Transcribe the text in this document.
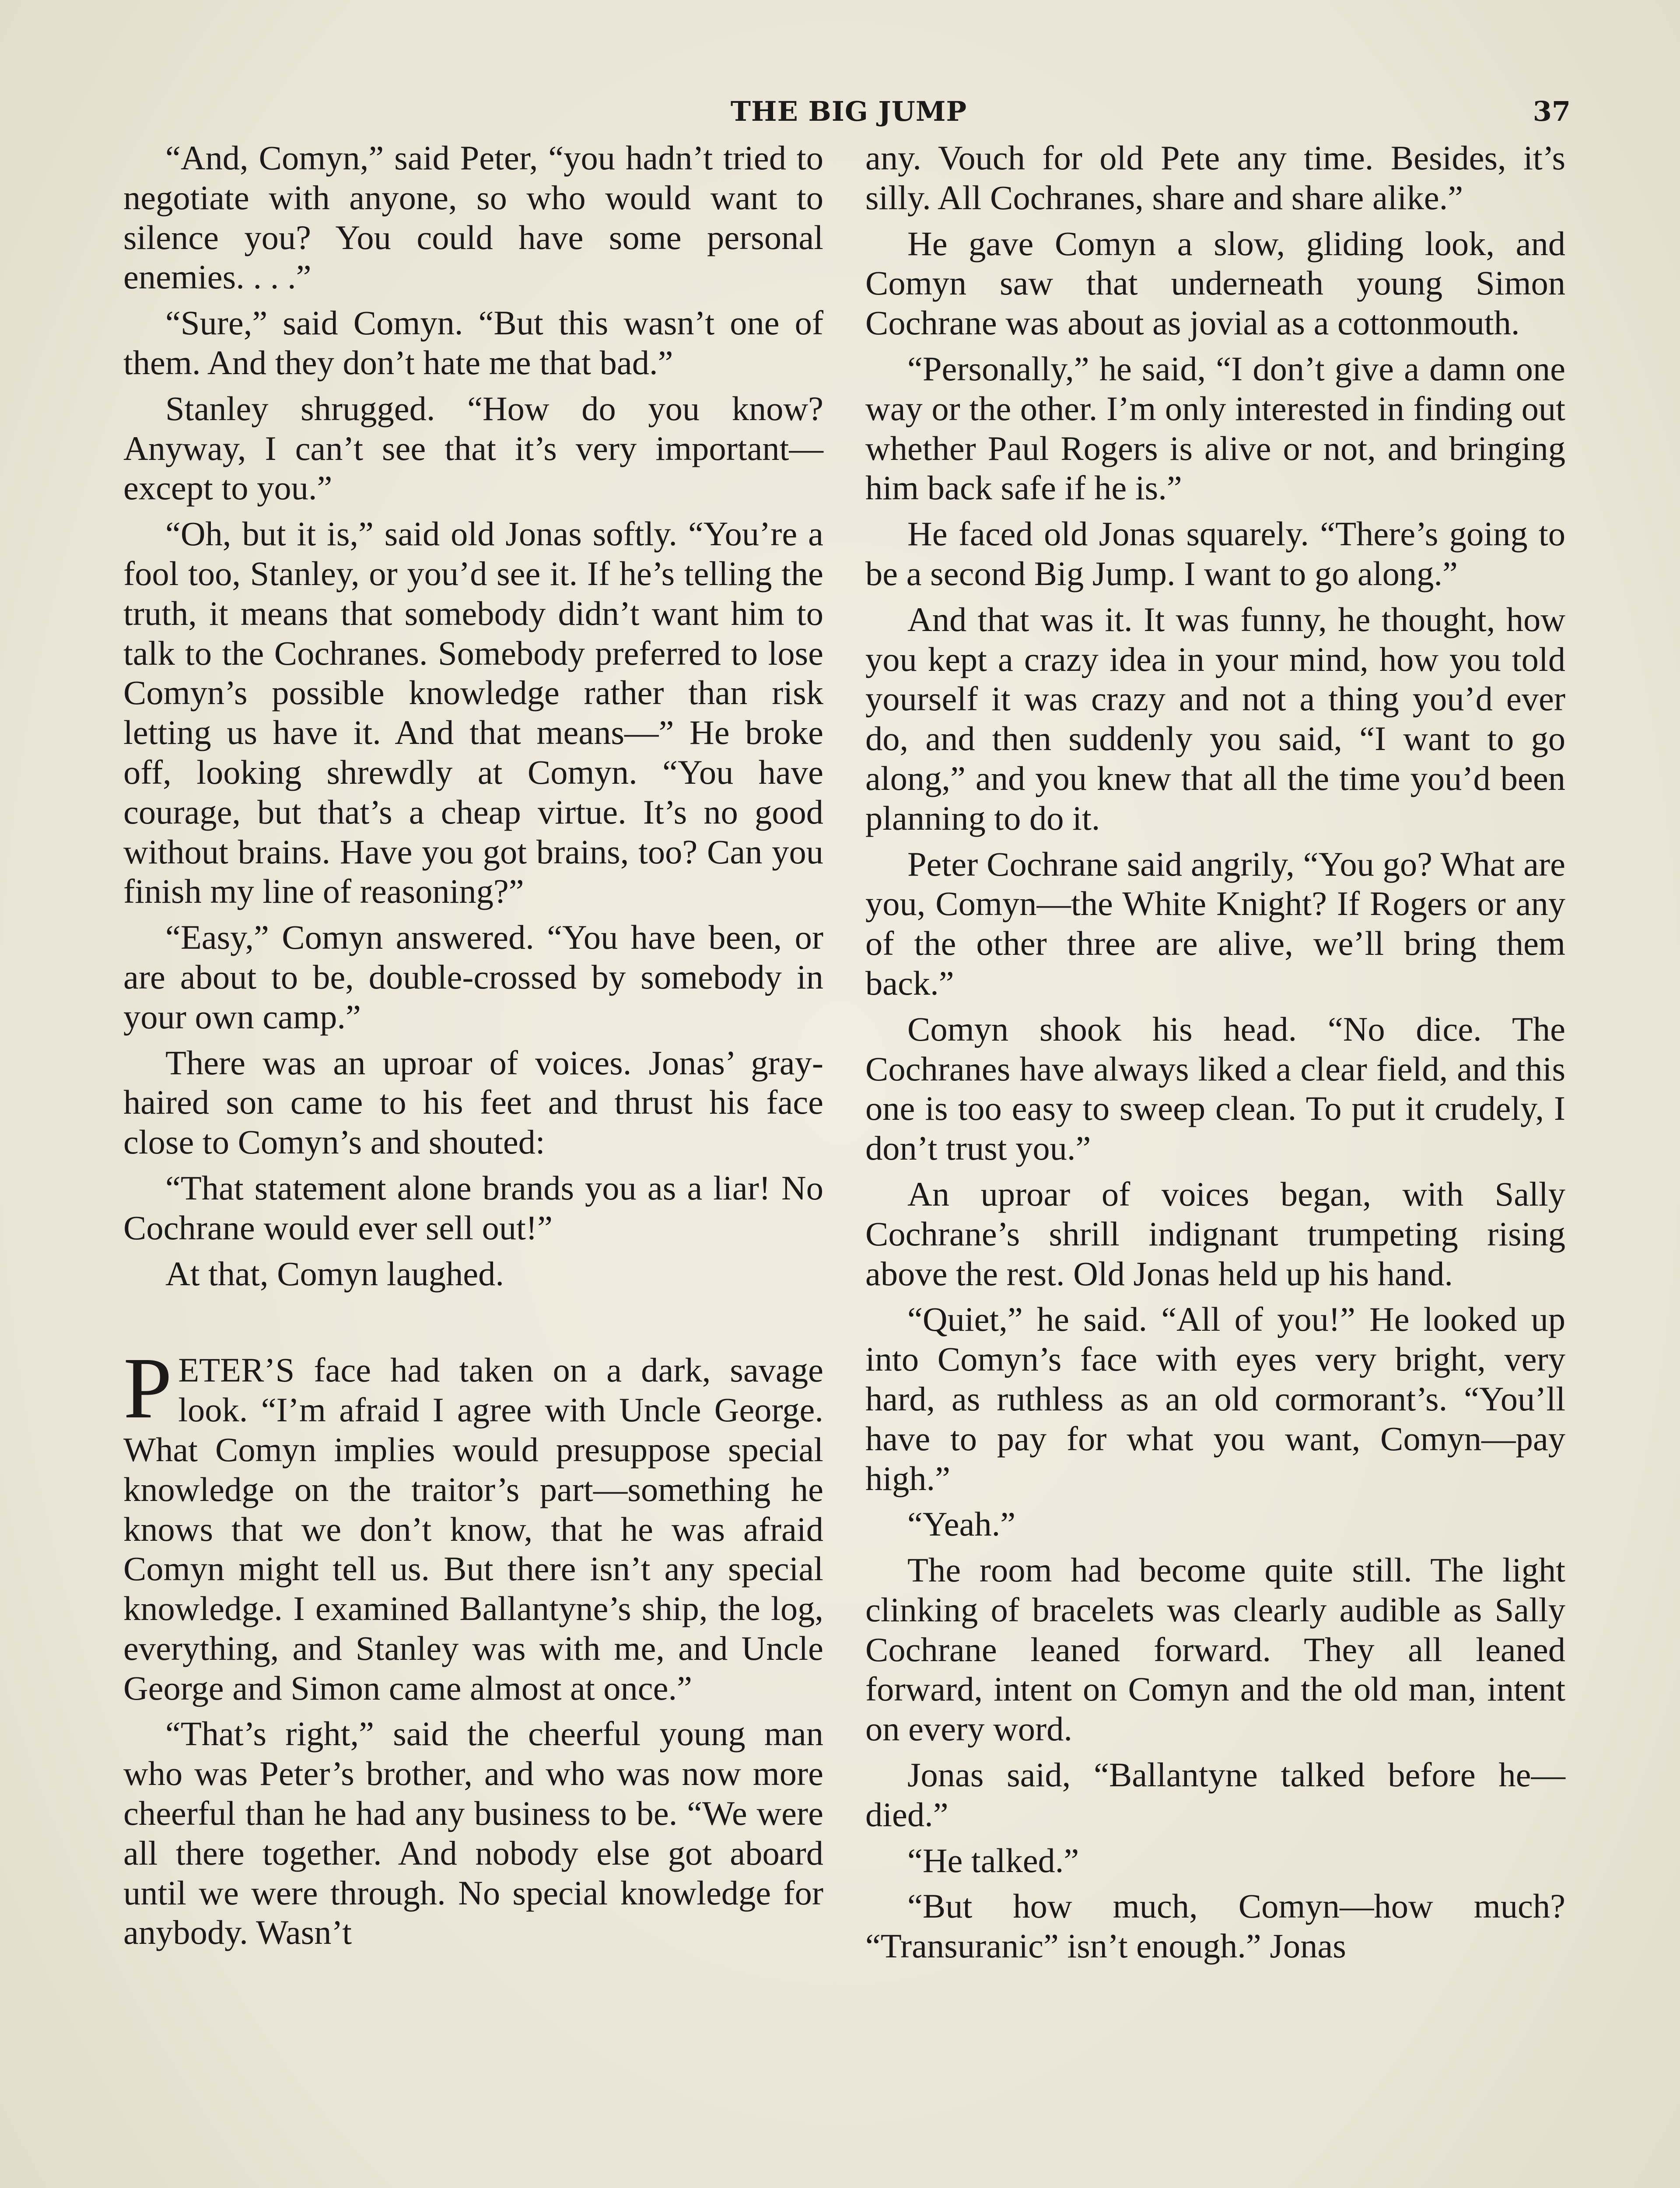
THE BIG JUMP	37

“And, Comyn,” said Peter, “you hadn’t tried to negotiate with anyone, so who would want to silence you? You could have some personal enemies. . . .”

“Sure,” said Comyn. “But this wasn’t one of them. And they don’t hate me that bad.”

Stanley shrugged. “How do you know? Anyway, I can’t see that it’s very important—except to you.”

“Oh, but it is,” said old Jonas softly. “You’re a fool too, Stanley, or you’d see it. If he’s telling the truth, it means that somebody didn’t want him to talk to the Cochranes. Somebody preferred to lose Comyn’s possible knowledge rather than risk letting us have it. And that means—” He broke off, looking shrewdly at Comyn. “You have courage, but that’s a cheap virtue. It’s no good without brains. Have you got brains, too? Can you finish my line of reasoning?”

“Easy,” Comyn answered. “You have been, or are about to be, double-crossed by somebody in your own camp.”

There was an uproar of voices. Jonas’ gray-haired son came to his feet and thrust his face close to Comyn’s and shouted:

“That statement alone brands you as a liar! No Cochrane would ever sell out!”

At that, Comyn laughed.

PETER’S face had taken on a dark, savage look. “I’m afraid I agree with Uncle George. What Comyn implies would presuppose special knowledge on the traitor’s part—something he knows that we don’t know, that he was afraid Comyn might tell us. But there isn’t any special knowledge. I examined Ballantyne’s ship, the log, everything, and Stanley was with me, and Uncle George and Simon came almost at once.”

“That’s right,” said the cheerful young man who was Peter’s brother, and who was now more cheerful than he had any business to be. “We were all there together. And nobody else got aboard until we were through. No special knowledge for anybody. Wasn’t

any. Vouch for old Pete any time. Besides, it’s silly. All Cochranes, share and share alike.”

He gave Comyn a slow, gliding look, and Comyn saw that underneath young Simon Cochrane was about as jovial as a cottonmouth.

“Personally,” he said, “I don’t give a damn one way or the other. I’m only interested in finding out whether Paul Rogers is alive or not, and bringing him back safe if he is.”

He faced old Jonas squarely. “There’s going to be a second Big Jump. I want to go along.”

And that was it. It was funny, he thought, how you kept a crazy idea in your mind, how you told yourself it was crazy and not a thing you’d ever do, and then suddenly you said, “I want to go along,” and you knew that all the time you’d been planning to do it.

Peter Cochrane said angrily, “You go? What are you, Comyn—the White Knight? If Rogers or any of the other three are alive, we’ll bring them back.”

Comyn shook his head. “No dice. The Cochranes have always liked a clear field, and this one is too easy to sweep clean. To put it crudely, I don’t trust you.”

An uproar of voices began, with Sally Cochrane’s shrill indignant trumpeting rising above the rest. Old Jonas held up his hand.

“Quiet,” he said. “All of you!” He looked up into Comyn’s face with eyes very bright, very hard, as ruthless as an old cormorant’s. “You’ll have to pay for what you want, Comyn—pay high.”

“Yeah.”

The room had become quite still. The light clinking of bracelets was clearly audible as Sally Cochrane leaned forward. They all leaned forward, intent on Comyn and the old man, intent on every word.

Jonas said, “Ballantyne talked before he—died.”

“He talked.”

“But how much, Comyn—how much? “Transuranic” isn’t enough.” Jonas
